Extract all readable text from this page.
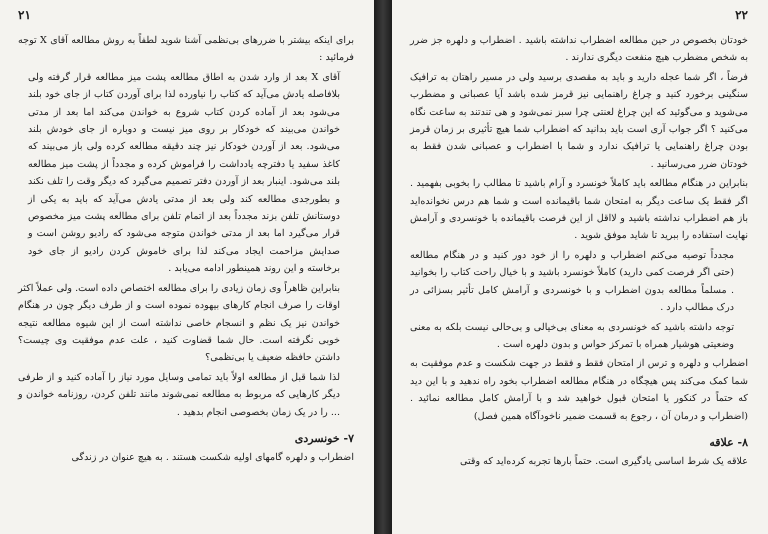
۲۱

برای اینکه بیشتر با ضررهای بی‌نظمی آشنا شوید لطفاً به روش مطالعه آقای X توجه فرمائید :

آقای X بعد از وارد شدن به اطاق مطالعه پشت میز مطالعه قرار گرفته ولی بلافاصله یادش می‌آید که کتاب را نیاورده لذا برای آوردن کتاب از جای خود بلند می‌شود بعد از آماده کردن کتاب شروع به خواندن می‌کند اما بعد از مدتی خواندن می‌بیند که خودکار بر روی میز نیست و دوباره از جای خودش بلند می‌شود. بعد از آوردن خودکار نیز چند دقیقه مطالعه کرده ولی باز می‌بیند که کاغذ سفید یا دفترچه یادداشت را فراموش کرده و مجدداً از پشت میز مطالعه بلند می‌شود. اینبار بعد از آوردن دفتر تصمیم می‌گیرد که دیگر وقت را تلف نکند و بطورجدی مطالعه کند ولی بعد از مدتی یادش می‌آید که باید به یکی از دوستانش تلفن بزند مجدداً بعد از اتمام تلفن برای مطالعه پشت میز مخصوص قرار می‌گیرد اما بعد از مدتی خواندن متوجه می‌شود که رادیو روشن است و صدایش مزاحمت ایجاد می‌کند لذا برای خاموش کردن رادیو از جای خود برخاسته و این روند همینطور ادامه می‌یابد .

بنابراین ظاهراً وی زمان زیادی را برای مطالعه اختصاص داده است. ولی عملاً اکثر اوقات را صرف انجام کارهای بیهوده نموده است و از طرف دیگر چون در هنگام خواندن نیز یک نظم و انسجام خاصی نداشته است از این شیوه مطالعه نتیجه خوبی نگرفته است. حال شما قضاوت کنید ، علت عدم موفقیت وی چیست؟ داشتن حافظه ضعیف یا بی‌نظمی؟

لذا شما قبل از مطالعه اولاً باید تمامی وسایل مورد نیاز را آماده کنید و از طرفی دیگر کارهایی که مربوط به مطالعه نمی‌شوند مانند تلفن کردن، روزنامه خواندن و ... را در یک زمان بخصوصی انجام بدهید .

۷- خونسردی

اضطراب و دلهره گامهای اولیه شکست هستند . به هیچ عنوان در زندگی

۲۲

خودتان بخصوص در حین مطالعه اضطراب نداشته باشید . اضطراب و دلهره جز ضرر به شخص مضطرب هیچ منفعت دیگری ندارند .

فرضاً ، اگر شما عجله دارید و باید به مقصدی برسید ولی در مسیر راهتان به ترافیک سنگینی برخورد کنید و چراغ راهنمایی نیز قرمز شده باشد آیا عصبانی و مضطرب می‌شوید و می‌گوئید که این چراغ لعنتی چرا سبز نمی‌شود و هی تندتند به ساعت نگاه می‌کنید ؟ اگر جواب آری است باید بدانید که اضطراب شما هیچ تأثیری بر زمان قرمز بودن چراغ راهنمایی یا ترافیک ندارد و شما با اضطراب و عصبانی شدن فقط به خودتان ضرر می‌رسانید .

بنابراین در هنگام مطالعه باید کاملاً خونسرد و آرام باشید تا مطالب را بخوبی بفهمید . اگر فقط یک ساعت دیگر به امتحان شما باقیمانده است و شما هم درس نخوانده‌اید باز هم اضطراب نداشته باشید و لااقل از این فرصت باقیمانده با خونسردی و آرامش نهایت استفاده را ببرید تا شاید موفق شوید .

مجدداً توصیه می‌کنم اضطراب و دلهره را از خود دور کنید و در هنگام مطالعه (حتی اگر فرصت کمی دارید) کاملاً خونسرد باشید و با خیال راحت کتاب را بخوانید . مسلماً مطالعه بدون اضطراب و با خونسردی و آرامش کامل تأثیر بسزائی در درک مطالب دارد .

توجه داشته باشید که خونسردی به معنای بی‌خیالی و بی‌حالی نیست بلکه به معنی وضعیتی هوشیار همراه با تمرکز حواس و بدون دلهره است .

اضطراب و دلهره و ترس از امتحان فقط و فقط در جهت شکست و عدم موفقیت به شما کمک می‌کند پس هیچگاه در هنگام مطالعه اضطراب بخود راه ندهید و با این دید که حتماً در کنکور یا امتحان قبول خواهید شد و با آرامش کامل مطالعه نمائید . (اضطراب و درمان آن ، رجوع به قسمت ضمیر ناخودآگاه همین فصل)

۸- علاقه

علاقه یک شرط اساسی یادگیری است. حتماً بارها تجربه کرده‌اید که وقتی
